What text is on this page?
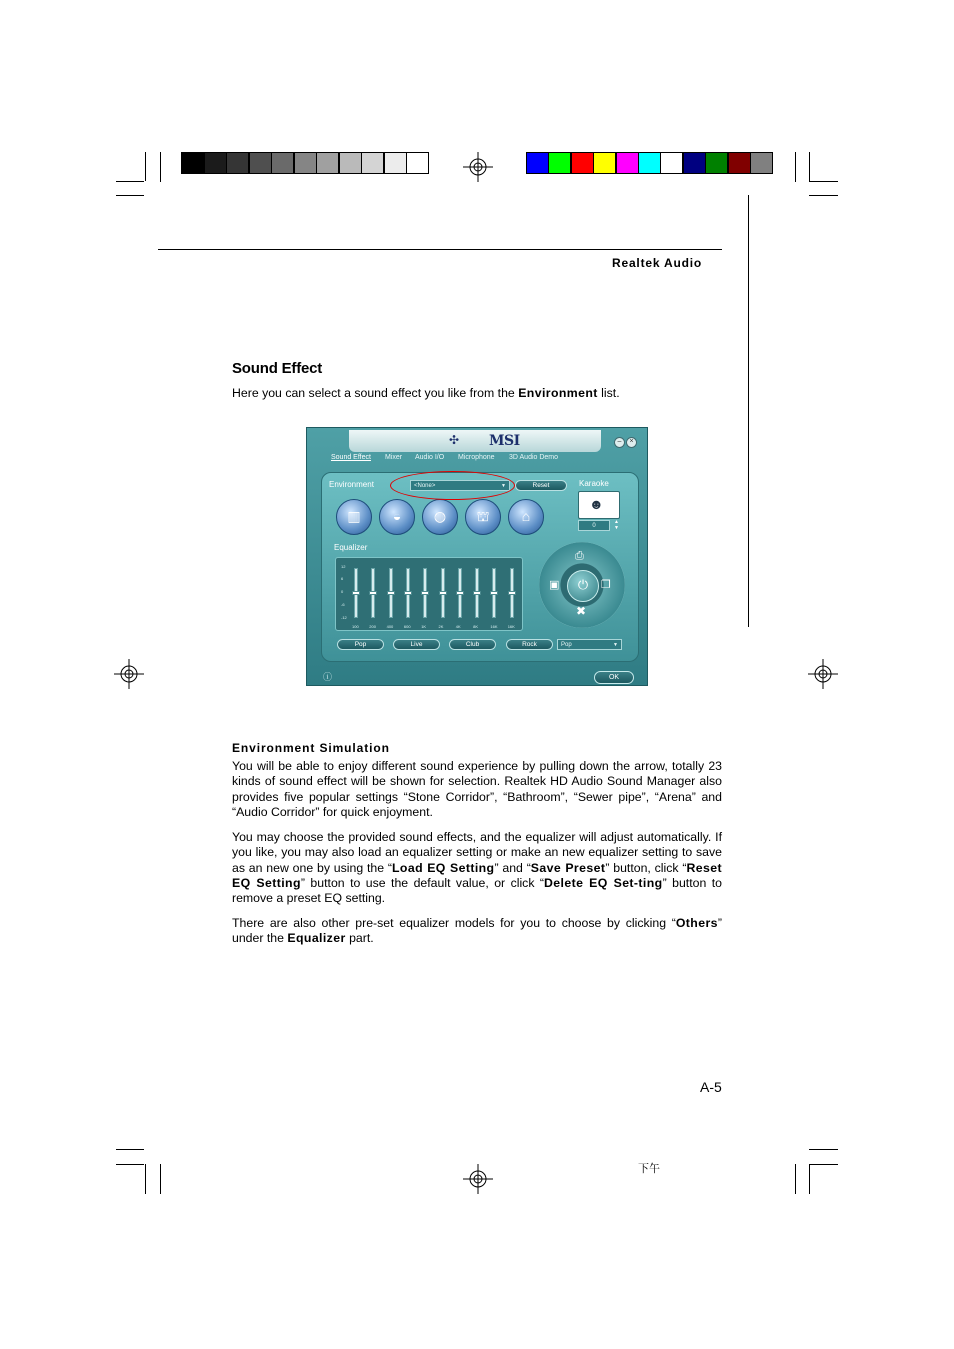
Realtek Audio
Sound Effect
Here you can select a sound effect you like from the Environment list.
✣ MSI	–	×
Sound Effect Mixer Audio I/O Microphone 3D Audio Demo
Environment	<None>	▼	Reset	Karaoke
☻
0
▲
▼
▥	◒	◍	⛫	⌂
Equalizer
12
6
0
-6
-12
100	200	400	600	1K	2K	4K	8K	16K	16K
⏻
⎙
▣	❐
✖
Pop	Live	Club	Rock	Pop	▼
ⓘ	OK
Environment Simulation
You will be able to enjoy different sound experience by pulling down the arrow, totally 23 kinds of sound effect will be shown for selection. Realtek HD Audio Sound Manager also provides five popular settings “Stone Corridor”, “Bathroom”, “Sewer pipe”, “Arena” and “Audio Corridor” for quick enjoyment.
You may choose the provided sound effects, and the equalizer will adjust automatically. If you like, you may also load an equalizer setting or make an new equalizer setting to save as an new one by using the “Load EQ Setting” and “Save Preset” button, click “Reset EQ Setting” button to use the default value, or click “Delete EQ Set-ting” button to remove a preset EQ setting.
There are also other pre-set equalizer models for you to choose by clicking “Others” under the Equalizer part.
A-5
下午
